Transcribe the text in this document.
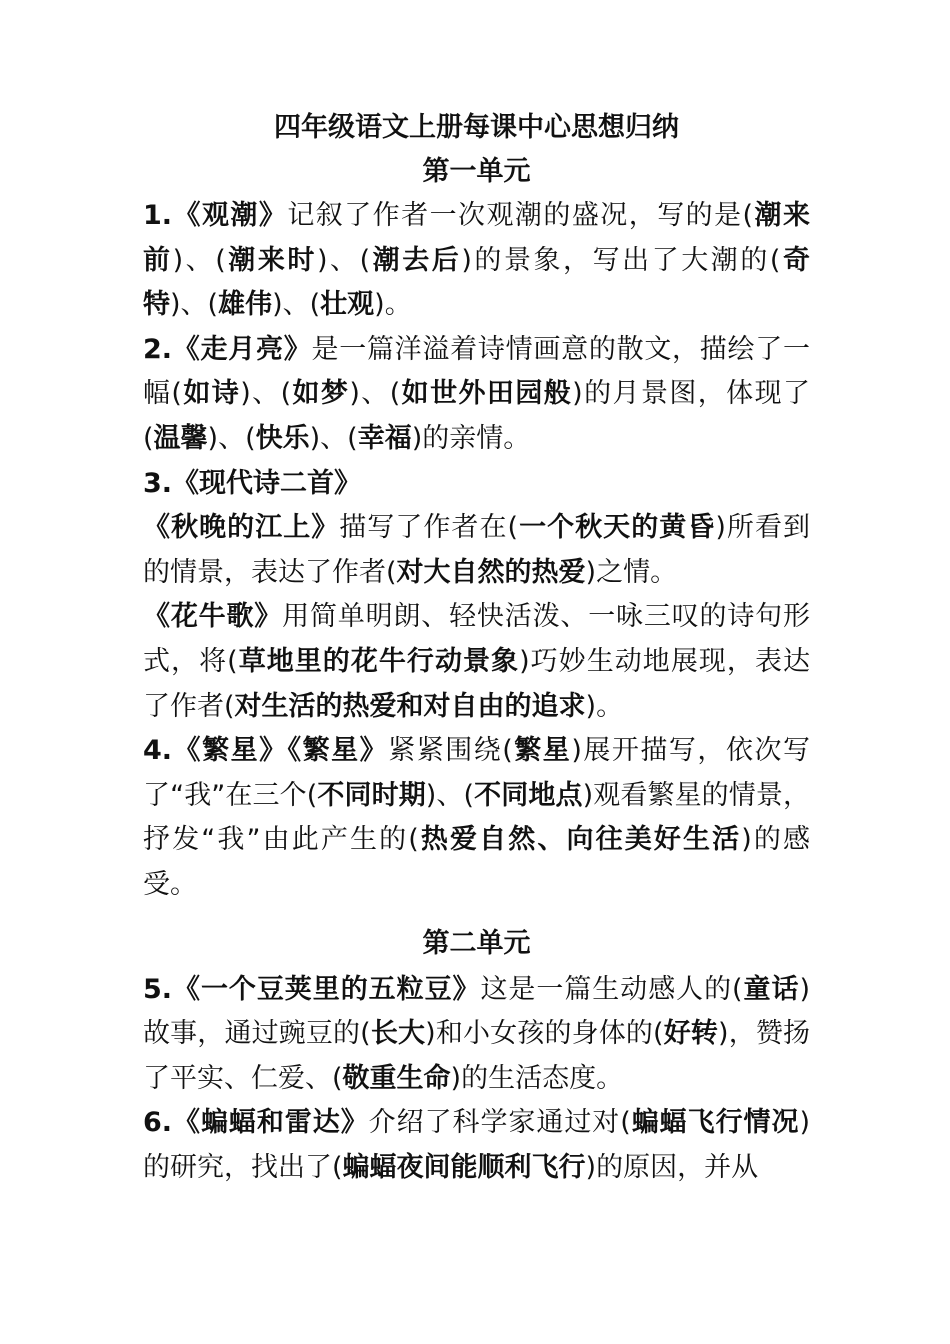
四年级语文上册每课中心思想归纳
第一单元

1.《观潮》记叙了作者一次观潮的盛况，写的是(潮来前)、(潮来时)、(潮去后)的景象，写出了大潮的(奇特)、(雄伟)、(壮观)。

2.《走月亮》是一篇洋溢着诗情画意的散文，描绘了一幅(如诗)、(如梦)、(如世外田园般)的月景图，体现了(温馨)、(快乐)、(幸福)的亲情。

3.《现代诗二首》

《秋晚的江上》描写了作者在(一个秋天的黄昏)所看到的情景，表达了作者(对大自然的热爱)之情。

《花牛歌》用简单明朗、轻快活泼、一咏三叹的诗句形式，将(草地里的花牛行动景象)巧妙生动地展现，表达了作者(对生活的热爱和对自由的追求)。

4.《繁星》《繁星》紧紧围绕(繁星)展开描写，依次写了“我”在三个(不同时期)、(不同地点)观看繁星的情景，抒发“我”由此产生的(热爱自然、向往美好生活)的感受。

第二单元

5.《一个豆荚里的五粒豆》这是一篇生动感人的(童话)故事，通过豌豆的(长大)和小女孩的身体的(好转)，赞扬了平实、仁爱、(敬重生命)的生活态度。

6.《蝙蝠和雷达》介绍了科学家通过对(蝙蝠飞行情况)的研究，找出了(蝙蝠夜间能顺利飞行)的原因，并从
